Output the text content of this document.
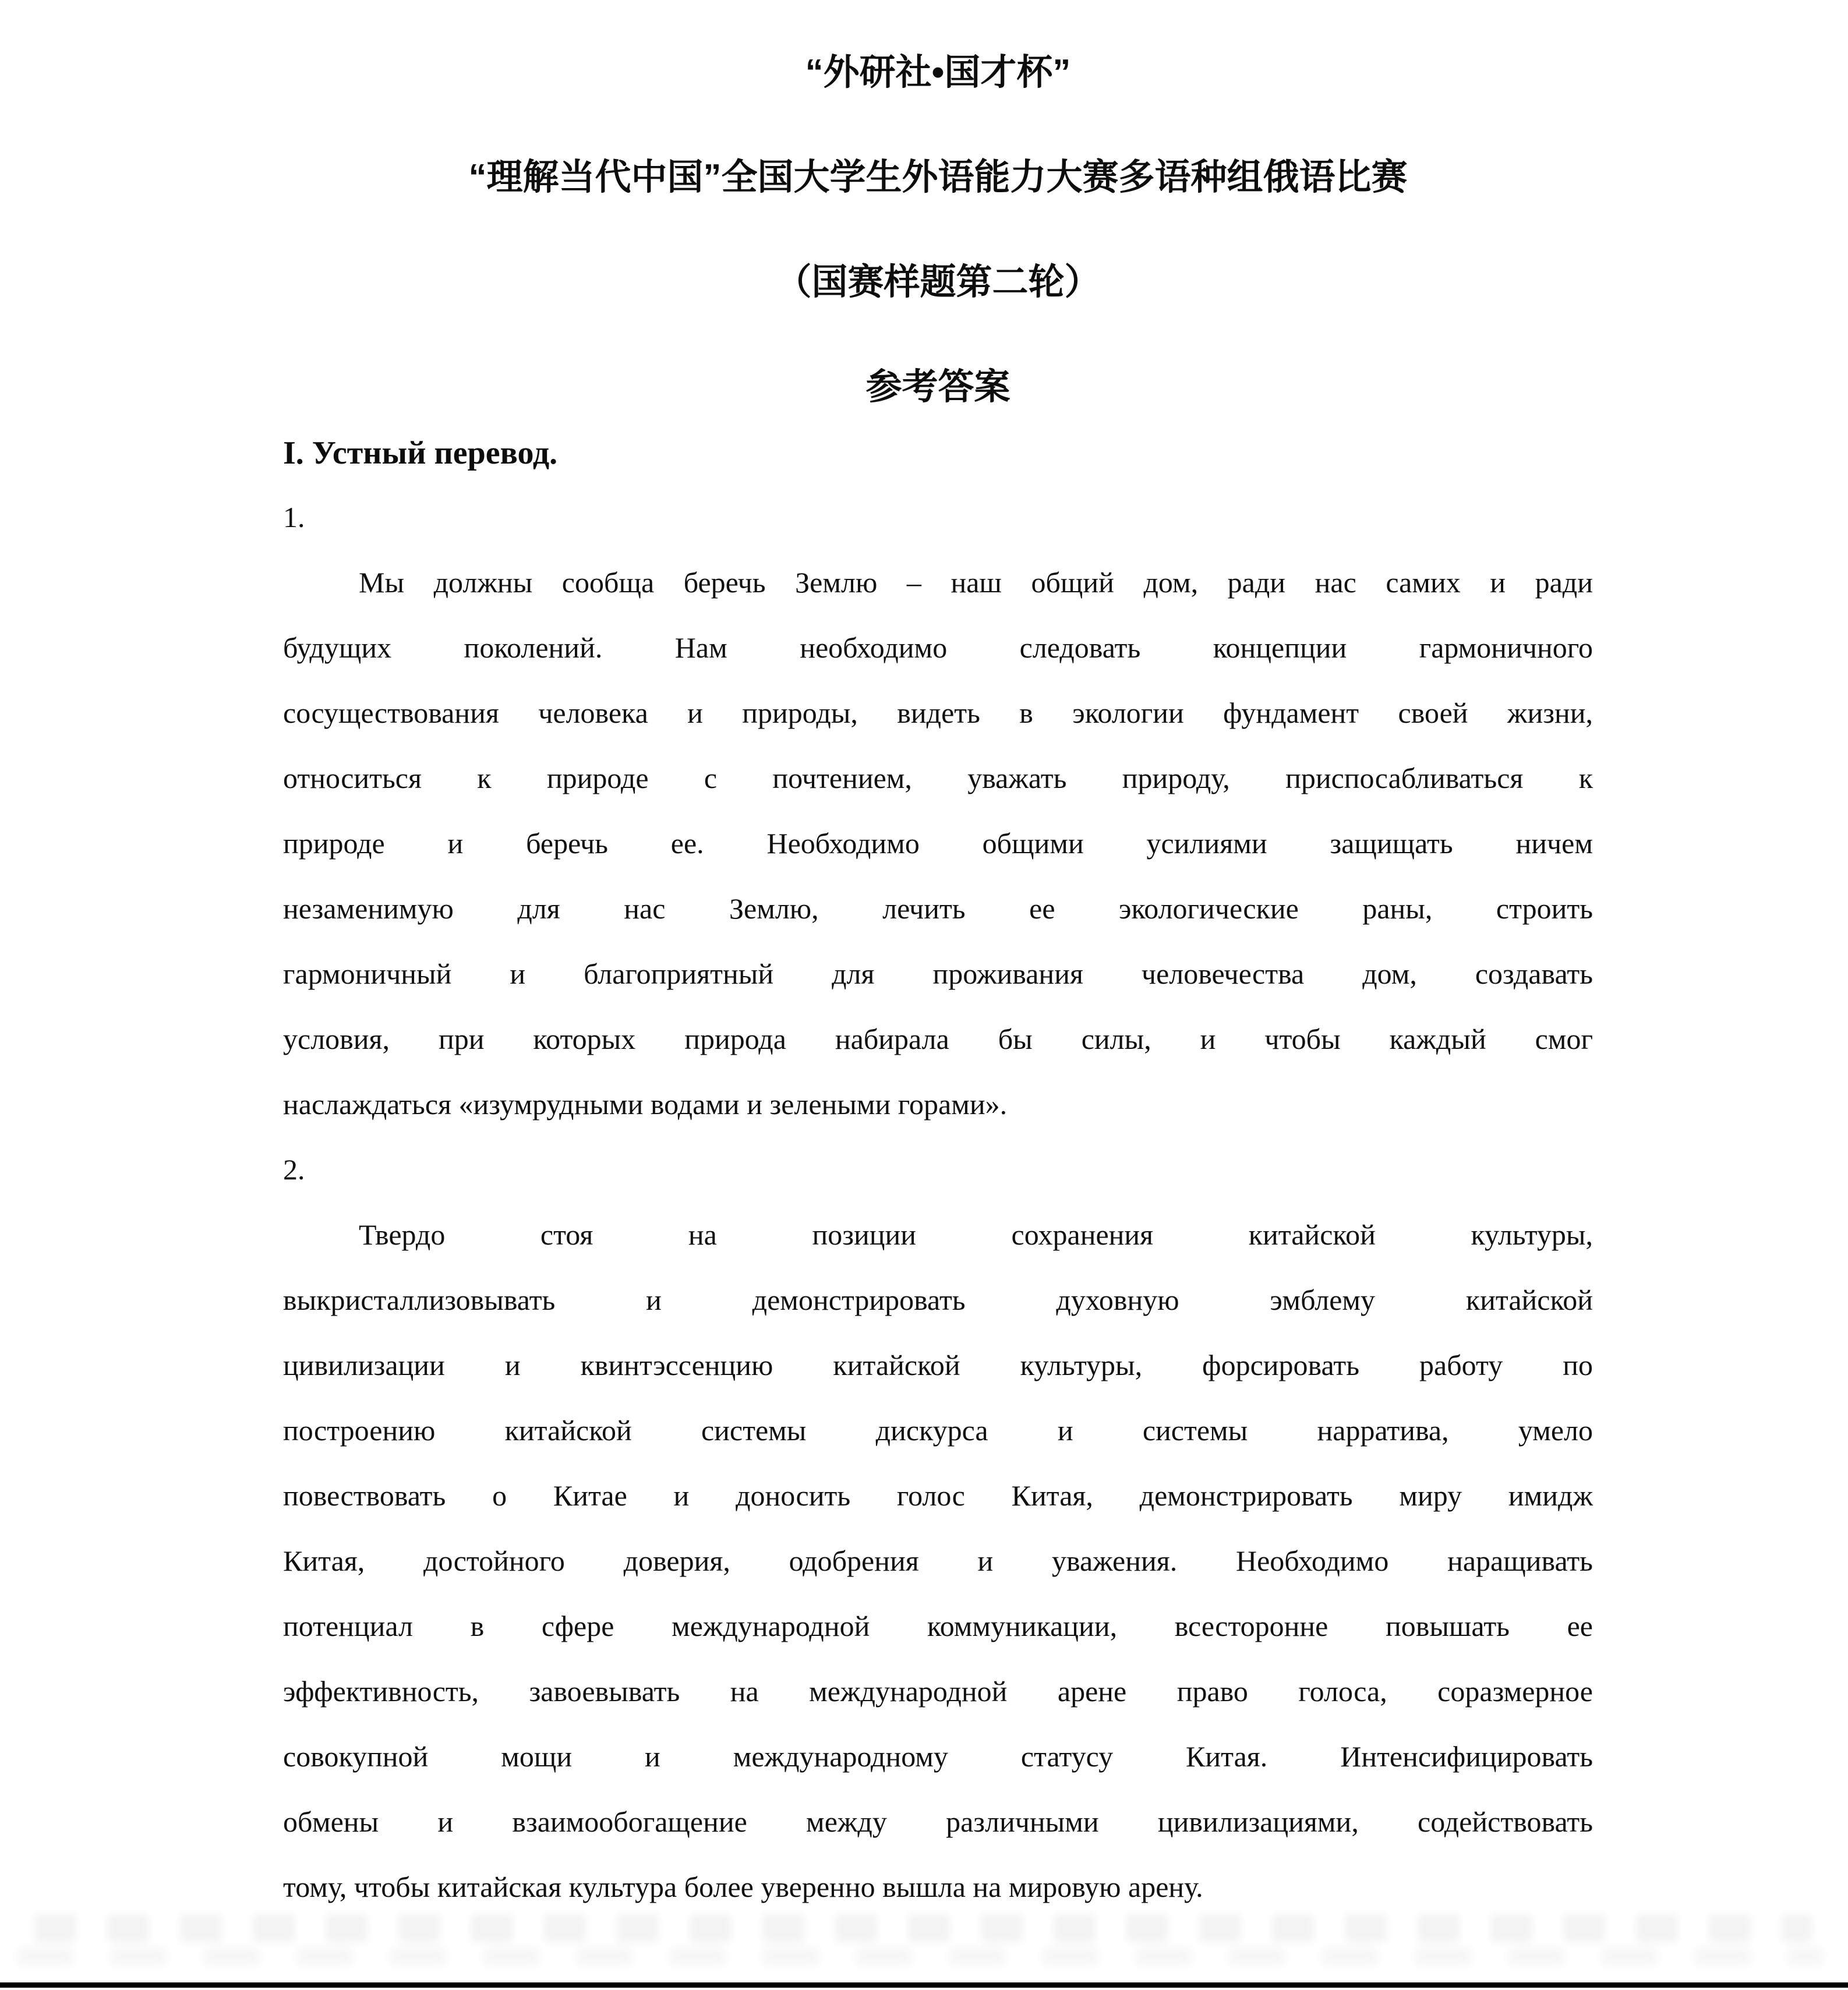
“外研社•国才杯”
“理解当代中国”全国大学生外语能力大赛多语种组俄语比赛
（国赛样题第二轮）
参考答案
I. Устный перевод.
1.
Мы должны сообща беречь Землю – наш общий дом, ради нас самих и ради
будущих поколений. Нам необходимо следовать концепции гармоничного
сосуществования человека и природы, видеть в экологии фундамент своей жизни,
относиться к природе с почтением, уважать природу, приспосабливаться к
природе и беречь ее. Необходимо общими усилиями защищать ничем
незаменимую для нас Землю, лечить ее экологические раны, строить
гармоничный и благоприятный для проживания человечества дом, создавать
условия, при которых природа набирала бы силы, и чтобы каждый смог
наслаждаться «изумрудными водами и зелеными горами».
2.
Твердо стоя на позиции сохранения китайской культуры,
выкристаллизовывать и демонстрировать духовную эмблему китайской
цивилизации и квинтэссенцию китайской культуры, форсировать работу по
построению китайской системы дискурса и системы нарратива, умело
повествовать о Китае и доносить голос Китая, демонстрировать миру имидж
Китая, достойного доверия, одобрения и уважения. Необходимо наращивать
потенциал в сфере международной коммуникации, всесторонне повышать ее
эффективность, завоевывать на международной арене право голоса, соразмерное
совокупной мощи и международному статусу Китая. Интенсифицировать
обмены и взаимообогащение между различными цивилизациями, содействовать
тому, чтобы китайская культура более уверенно вышла на мировую арену.
